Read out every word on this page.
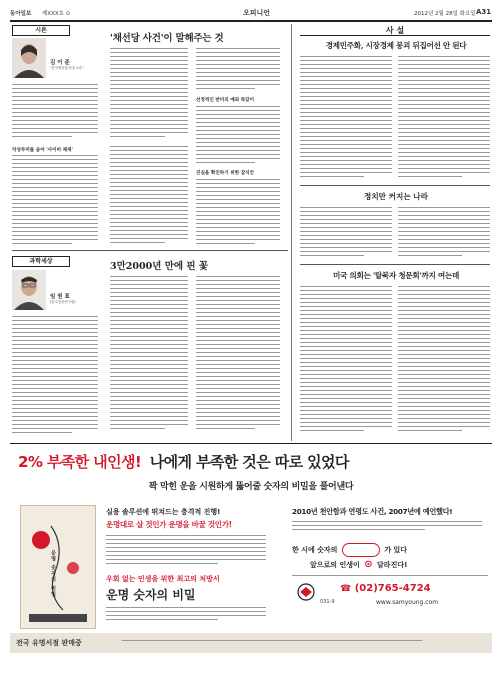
동아일보 제XXX호 ⊙	오피니언	2012년 2월 28일 화요일 A31
시론
김 이 준
"한국방송통신대 교수"
악성루머를 숨어 '사이버 제재'
'채선당 사건'이 말해주는 것
선정적인 반미의 예와 똑같이
진실을 확인하기 위한 감식안
과학세상
임 원 표
(한국천문연구원)
3만2000년 만에 핀 꽃
사 설
경제민주화, 시장경제 붕괴 뒤집어선 안 된다
정치만 커지는 나라
미국 의회는 '탈북자 청문회'까지 여는데
2% 부족한 내인생! 나에게 부족한 것은 따로 있었다
꽉 막힌 운을 시원하게 뚫어줄 숫자의 비밀을 풀어낸다
운명 숫자의 비밀
실용 솔루션에 뛰쳐드는 충격적 진행!
운명대로 살 것인가 운명을 바꿀 것인가!
우회 없는 인생을 위한 최고의 처방서
운명 숫자의 비밀
2010년 천안함과 연평도 사건, 2007년에 예언했다!
한 시에 숫자의	가 있다
앞으로의 인생이 ⊙ 달라진다!
☎ (02)765-4724
031-9	www.samyoung.com
전국 유명서점 판매중
